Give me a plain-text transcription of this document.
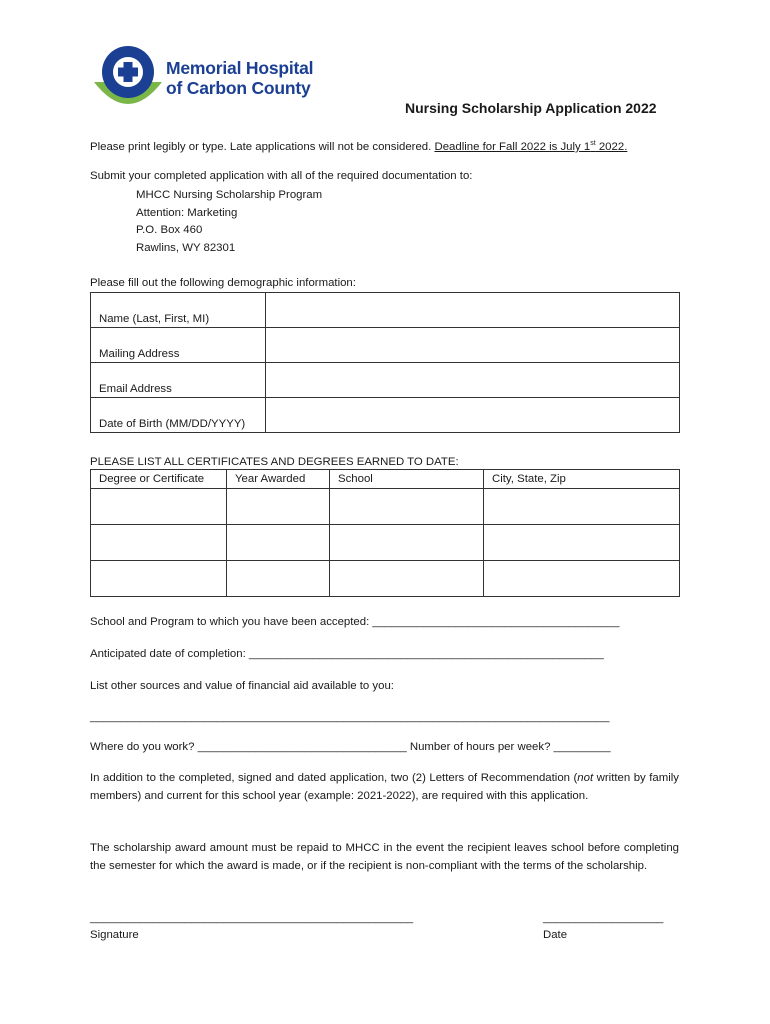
Memorial Hospital
of Carbon County
Nursing Scholarship Application 2022
Please print legibly or type. Late applications will not be considered. Deadline for Fall 2022 is July 1st 2022.
Submit your completed application with all of the required documentation to:
MHCC Nursing Scholarship Program
Attention: Marketing
P.O. Box 460
Rawlins, WY 82301
Please fill out the following demographic information:
Name (Last, First, MI)	
Mailing Address	
Email Address	
Date of Birth (MM/DD/YYYY)	
PLEASE LIST ALL CERTIFICATES AND DEGREES EARNED TO DATE:
Degree or Certificate	Year Awarded	School	City, State, Zip

School and Program to which you have been accepted: _______________________________________
Anticipated date of completion: ________________________________________________________
List other sources and value of financial aid available to you:
__________________________________________________________________________________
Where do you work? _________________________________ Number of hours per week? _________
In addition to the completed, signed and dated application, two (2) Letters of Recommendation (not written by family members) and current for this school year (example: 2021-2022), are required with this application.
The scholarship award amount must be repaid to MHCC in the event the recipient leaves school before completing the semester for which the award is made, or if the recipient is non-compliant with the terms of the scholarship.
___________________________________________________
Signature
___________________
Date
